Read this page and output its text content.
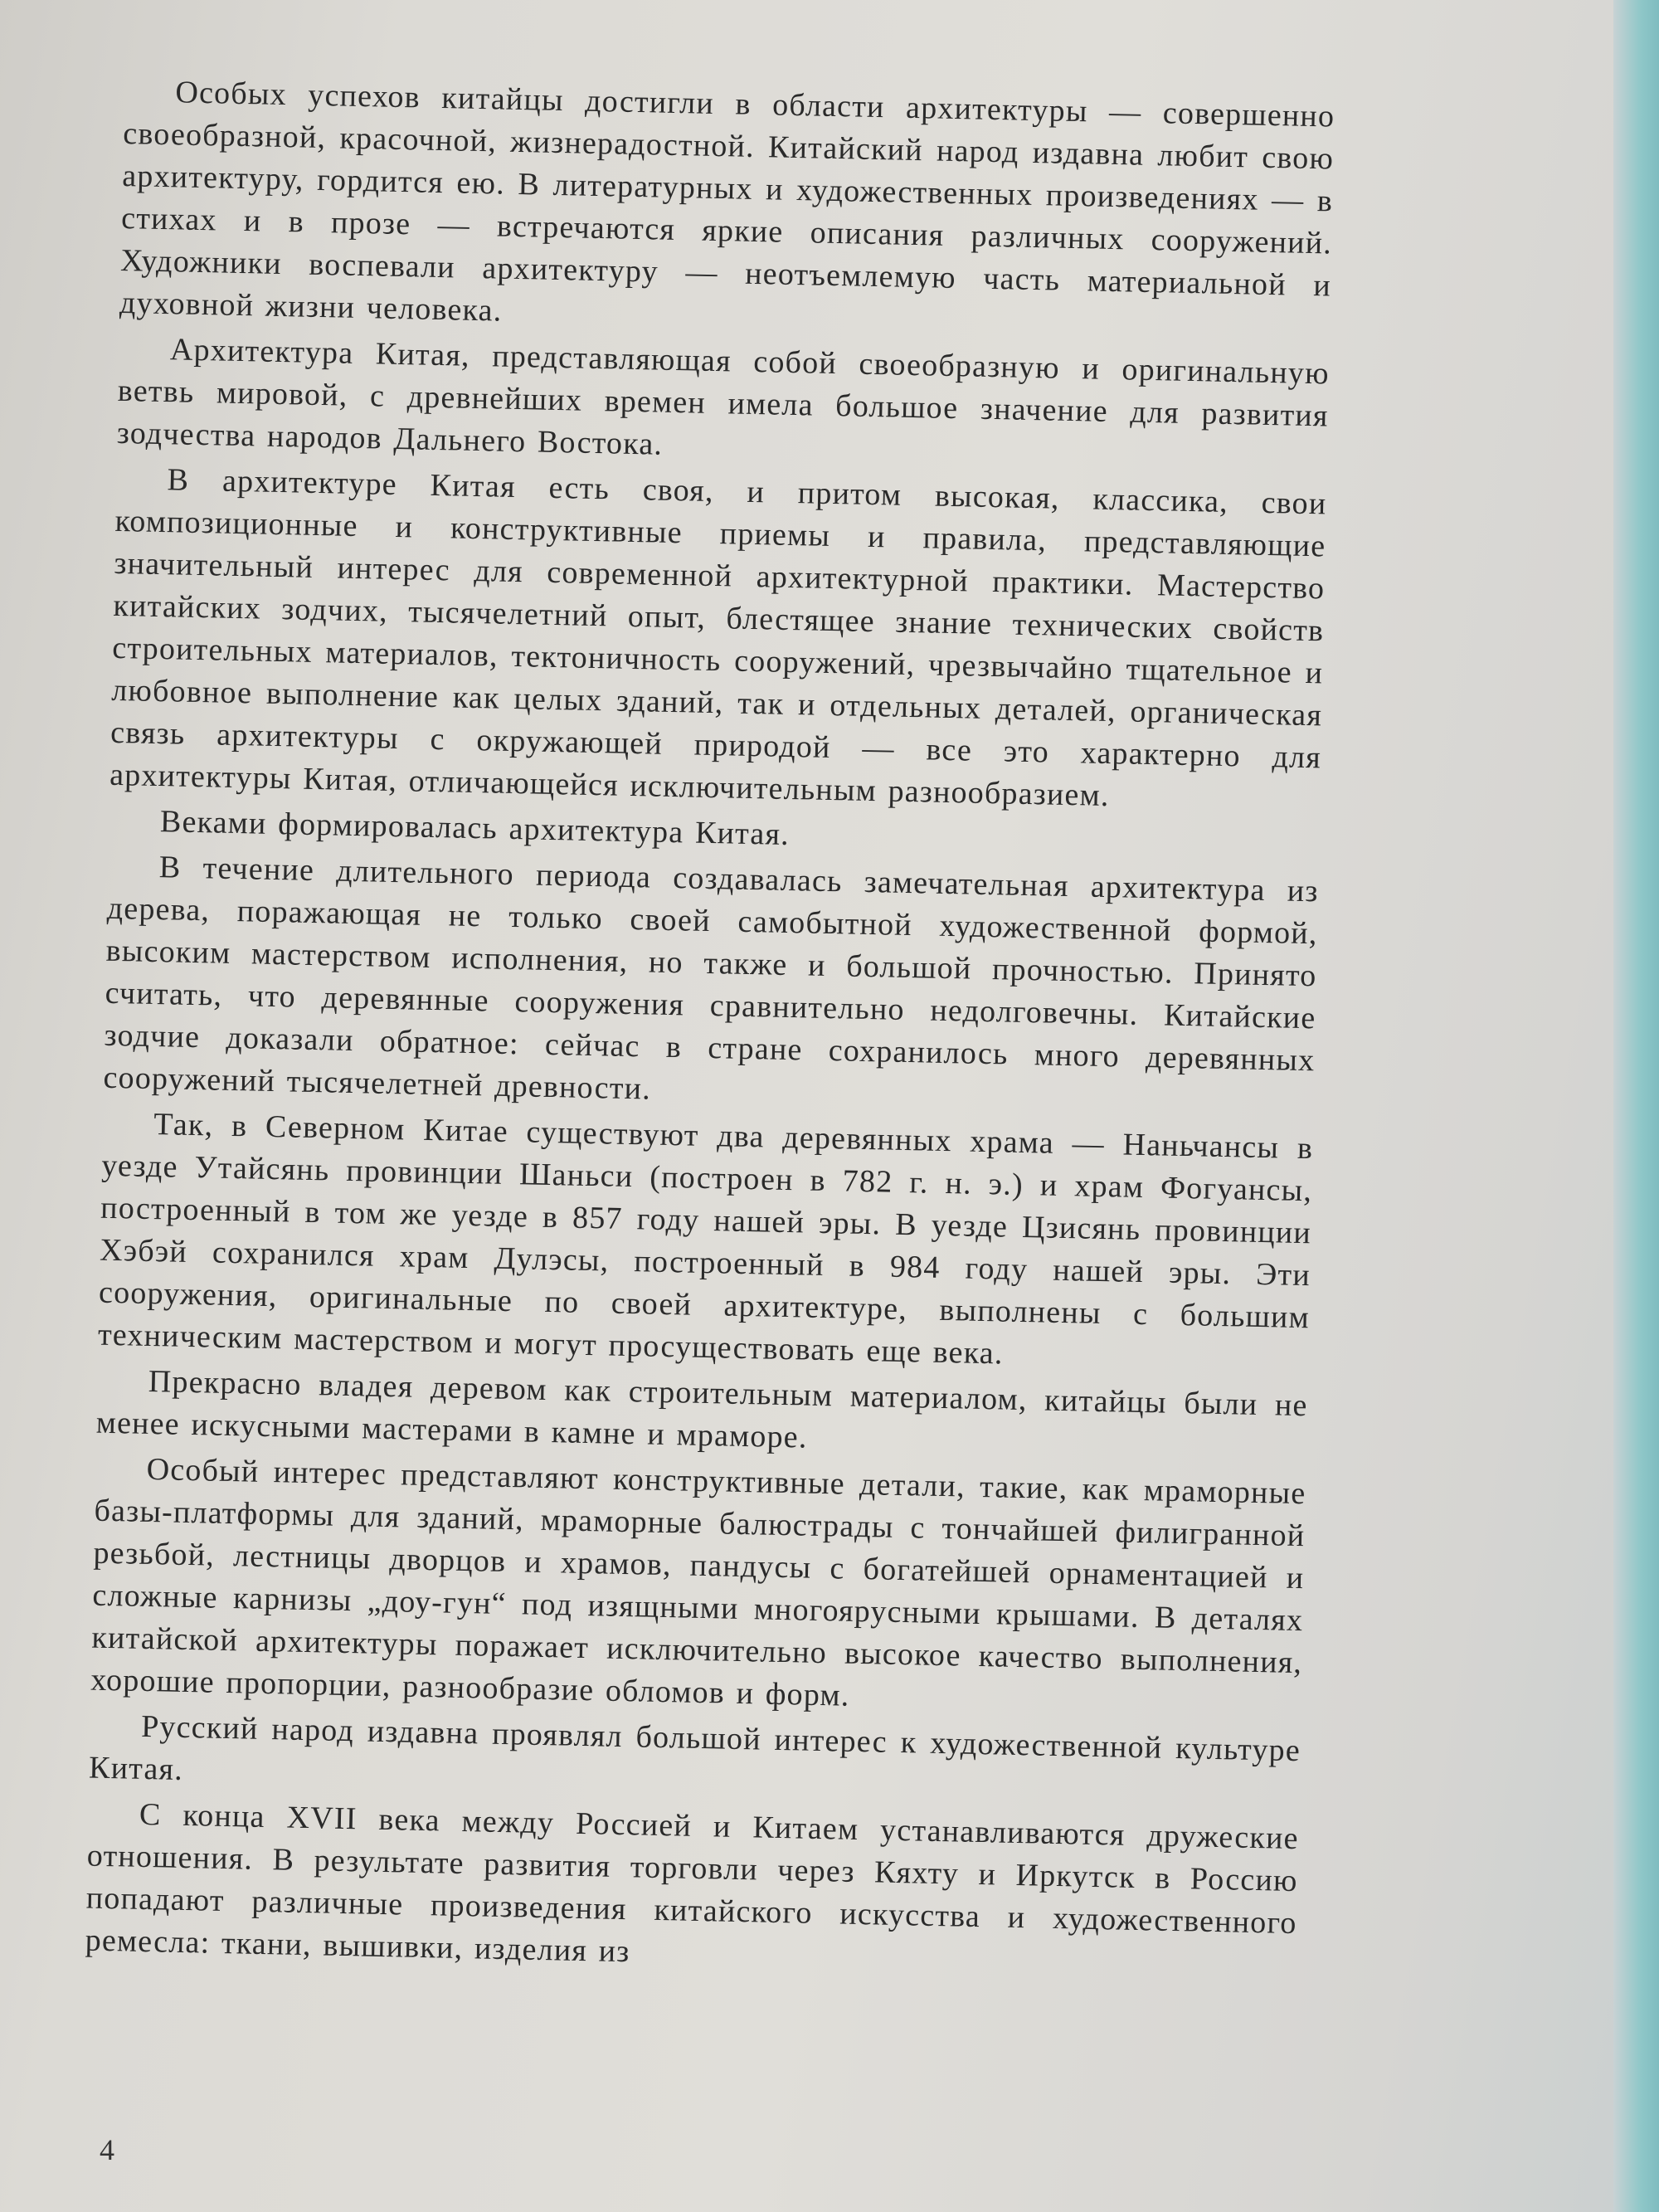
Особых успехов китайцы достигли в области архитектуры — совершенно своеобразной, красочной, жизнерадостной. Китайский народ издавна любит свою архитектуру, гордится ею. В литературных и художественных произведениях — в стихах и в прозе — встречаются яркие описания различных сооружений. Художники воспевали архитектуру — неотъемлемую часть материальной и духовной жизни человека.

Архитектура Китая, представляющая собой своеобразную и оригинальную ветвь мировой, с древнейших времен имела большое значение для развития зодчества народов Дальнего Востока.

В архитектуре Китая есть своя, и притом высокая, классика, свои композиционные и конструктивные приемы и правила, представляющие значительный интерес для современной архитектурной практики. Мастерство китайских зодчих, тысячелетний опыт, блестящее знание технических свойств строительных материалов, тектоничность сооружений, чрезвычайно тщательное и любовное выполнение как целых зданий, так и отдельных деталей, органическая связь архитектуры с окружающей природой — все это характерно для архитектуры Китая, отличающейся исключительным разнообразием.

Веками формировалась архитектура Китая.

В течение длительного периода создавалась замечательная архитектура из дерева, поражающая не только своей самобытной художественной формой, высоким мастерством исполнения, но также и большой прочностью. Принято считать, что деревянные сооружения сравнительно недолговечны. Китайские зодчие доказали обратное: сейчас в стране сохранилось много деревянных сооружений тысячелетней древности.

Так, в Северном Китае существуют два деревянных храма — Наньчансы в уезде Утайсянь провинции Шаньси (построен в 782 г. н. э.) и храм Фогуансы, построенный в том же уезде в 857 году нашей эры. В уезде Цзисянь провинции Хэбэй сохранился храм Дулэсы, построенный в 984 году нашей эры. Эти сооружения, оригинальные по своей архитектуре, выполнены с большим техническим мастерством и могут просуществовать еще века.

Прекрасно владея деревом как строительным материалом, китайцы были не менее искусными мастерами в камне и мраморе.

Особый интерес представляют конструктивные детали, такие, как мраморные базы-платформы для зданий, мраморные балюстрады с тончайшей филигранной резьбой, лестницы дворцов и храмов, пандусы с богатейшей орнаментацией и сложные карнизы „доу-гун“ под изящными многоярусными крышами. В деталях китайской архитектуры поражает исключительно высокое качество выполнения, хорошие пропорции, разнообразие обломов и форм.

Русский народ издавна проявлял большой интерес к художественной культуре Китая.

С конца XVII века между Россией и Китаем устанавливаются дружеские отношения. В результате развития торговли через Кяхту и Иркутск в Россию попадают различные произведения китайского искусства и художественного ремесла: ткани, вышивки, изделия из

4
